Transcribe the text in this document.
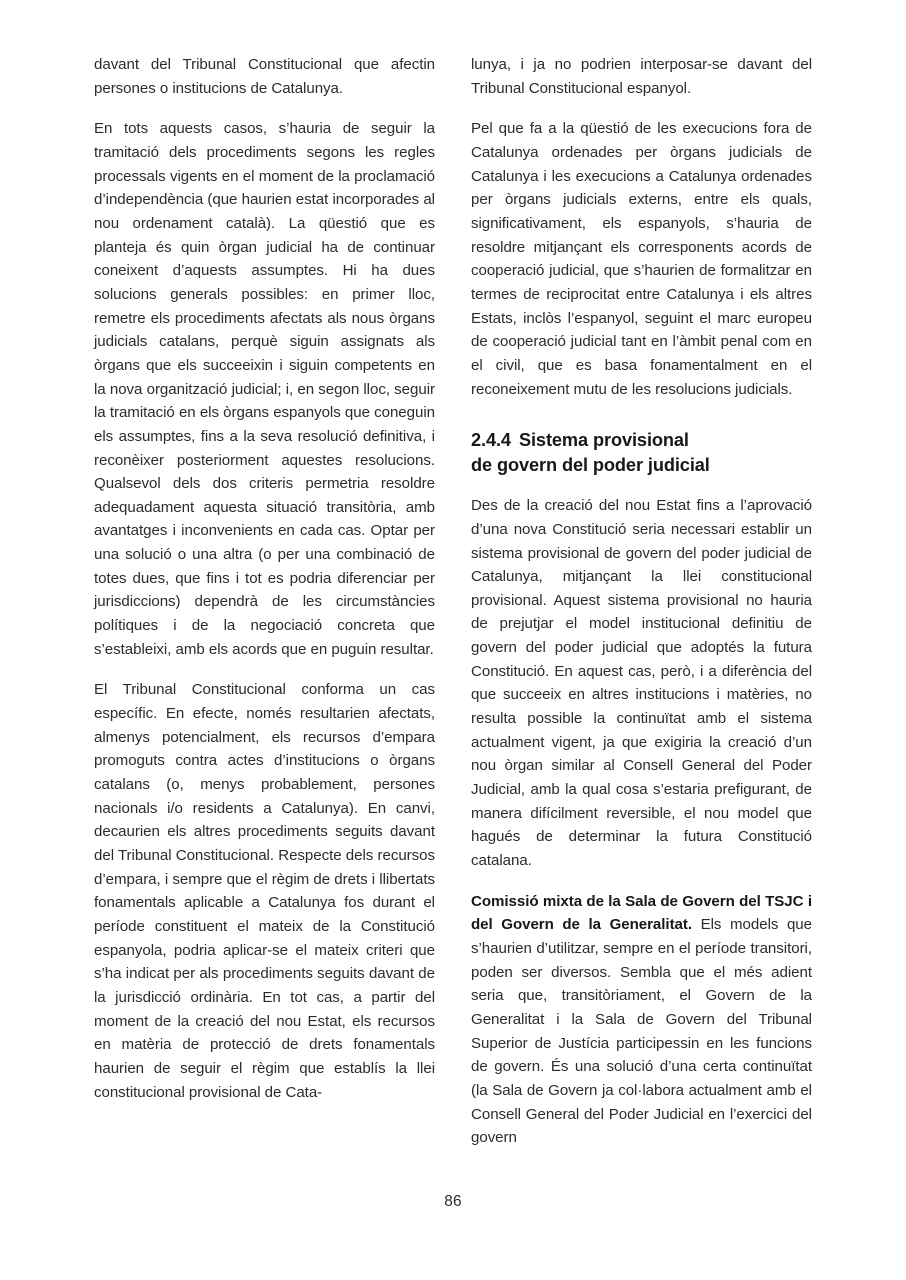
davant del Tribunal Constitucional que afectin persones o institucions de Catalunya.

En tots aquests casos, s’hauria de seguir la tramitació dels procediments segons les regles processals vigents en el moment de la proclamació d’independència (que haurien estat incorporades al nou ordenament català). La qüestió que es planteja és quin òrgan judicial ha de continuar coneixent d’aquests assumptes. Hi ha dues solucions generals possibles: en primer lloc, remetre els procediments afectats als nous òrgans judicials catalans, perquè siguin assignats als òrgans que els succeeixin i siguin competents en la nova organització judicial; i, en segon lloc, seguir la tramitació en els òrgans espanyols que coneguin els assumptes, fins a la seva resolució definitiva, i reconèixer posteriorment aquestes resolucions. Qualsevol dels dos criteris permetria resoldre adequadament aquesta situació transitòria, amb avantatges i inconvenients en cada cas. Optar per una solució o una altra (o per una combinació de totes dues, que fins i tot es podria diferenciar per jurisdiccions) dependrà de les circumstàncies polítiques i de la negociació concreta que s’estableixi, amb els acords que en puguin resultar.

El Tribunal Constitucional conforma un cas específic. En efecte, només resultarien afectats, almenys potencialment, els recursos d’empara promoguts contra actes d’institucions o òrgans catalans (o, menys probablement, persones nacionals i/o residents a Catalunya). En canvi, decaurien els altres procediments seguits davant del Tribunal Constitucional. Respecte dels recursos d’empara, i sempre que el règim de drets i llibertats fonamentals aplicable a Catalunya fos durant el període constituent el mateix de la Constitució espanyola, podria aplicar-se el mateix criteri que s’ha indicat per als procediments seguits davant de la jurisdicció ordinària. En tot cas, a partir del moment de la creació del nou Estat, els recursos en matèria de protecció de drets fonamentals haurien de seguir el règim que establís la llei constitucional provisional de Cata-

lunya, i ja no podrien interposar-se davant del Tribunal Constitucional espanyol.

Pel que fa a la qüestió de les execucions fora de Catalunya ordenades per òrgans judicials de Catalunya i les execucions a Catalunya ordenades per òrgans judicials externs, entre els quals, significativament, els espanyols, s’hauria de resoldre mitjançant els corresponents acords de cooperació judicial, que s’haurien de formalitzar en termes de reciprocitat entre Catalunya i els altres Estats, inclòs l’espanyol, seguint el marc europeu de cooperació judicial tant en l’àmbit penal com en el civil, que es basa fonamentalment en el reconeixement mutu de les resolucions judicials.

2.4.4 Sistema provisional
de govern del poder judicial

Des de la creació del nou Estat fins a l’aprovació d’una nova Constitució seria necessari establir un sistema provisional de govern del poder judicial de Catalunya, mitjançant la llei constitucional provisional. Aquest sistema provisional no hauria de prejutjar el model institucional definitiu de govern del poder judicial que adoptés la futura Constitució. En aquest cas, però, i a diferència del que succeeix en altres institucions i matèries, no resulta possible la continuïtat amb el sistema actualment vigent, ja que exigiria la creació d’un nou òrgan similar al Consell General del Poder Judicial, amb la qual cosa s’estaria prefigurant, de manera difícilment reversible, el nou model que hagués de determinar la futura Constitució catalana.

Comissió mixta de la Sala de Govern del TSJC i del Govern de la Generalitat. Els models que s’haurien d’utilitzar, sempre en el període transitori, poden ser diversos. Sembla que el més adient seria que, transitòriament, el Govern de la Generalitat i la Sala de Govern del Tribunal Superior de Justícia participessin en les funcions de govern. És una solució d’una certa continuïtat (la Sala de Govern ja col·labora actualment amb el Consell General del Poder Judicial en l’exercici del govern

86
